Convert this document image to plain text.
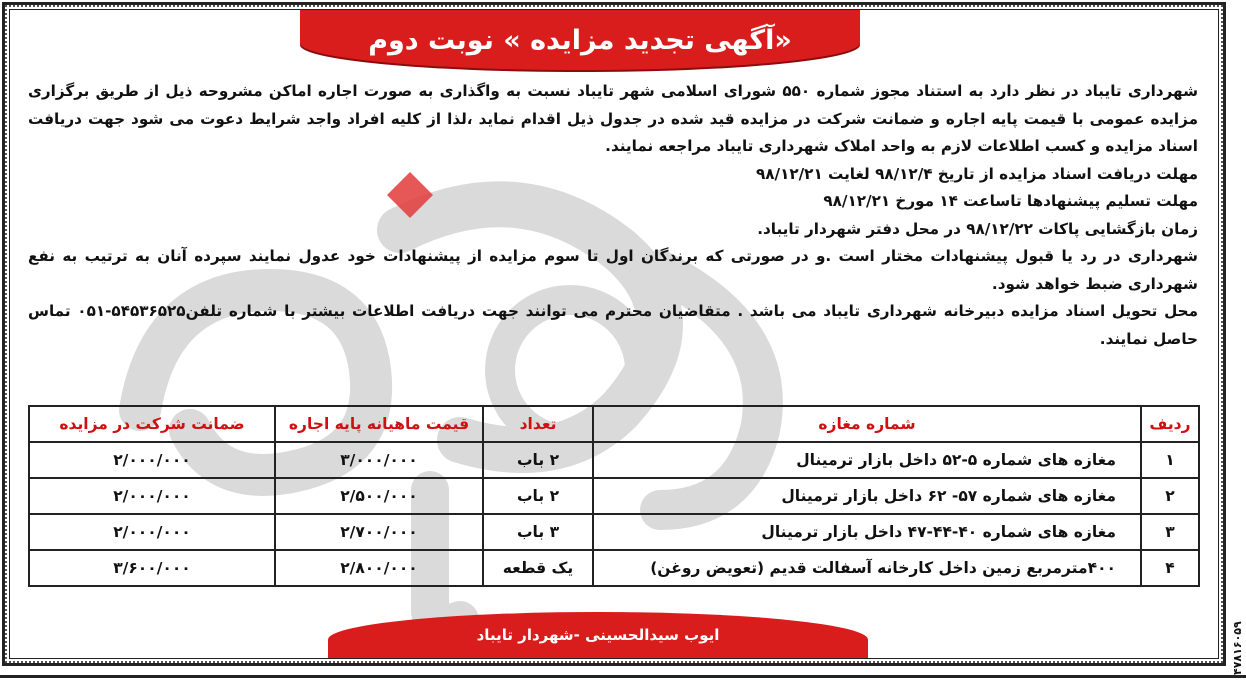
«آگهی تجدید مزایده » نوبت دوم

شهرداری تایباد در نظر دارد به استناد مجوز شماره ۵۵۰ شورای اسلامی شهر تایباد نسبت به واگذاری به صورت اجاره اماکن مشروحه ذیل از طریق برگزاری مزایده عمومی با قیمت پایه اجاره و ضمانت شرکت در مزایده قید شده در جدول ذیل اقدام نماید ،لذا از کلیه افراد واجد شرایط دعوت می شود جهت دریافت اسناد مزایده و کسب اطلاعات لازم به واحد املاک شهرداری تایباد مراجعه نمایند.

مهلت دریافت اسناد مزایده از تاریخ ۹۸/۱۲/۴ لغایت ۹۸/۱۲/۲۱

مهلت تسلیم پیشنهادها تاساعت ۱۴ مورخ ۹۸/۱۲/۲۱

زمان بازگشایی پاکات ۹۸/۱۲/۲۲ در محل دفتر شهردار تایباد.

شهرداری در رد یا قبول پیشنهادات مختار است .و در صورتی که برندگان اول تا سوم مزایده از پیشنهادات خود عدول نمایند سپرده آنان به ترتیب به نفع شهرداری ضبط خواهد شود.

محل تحویل اسناد مزایده دبیرخانه شهرداری تایباد می باشد . متقاضیان محترم می توانند جهت دریافت اطلاعات بیشتر با شماره تلفن۵۴۵۳۶۵۲۵-۰۵۱ تماس حاصل نمایند.

ردیف	شماره مغازه	تعداد	قیمت ماهیانه پایه اجاره	ضمانت شرکت در مزایده
۱	مغازه های شماره ۵-۵۲ داخل بازار ترمینال	۲ باب	۳/۰۰۰/۰۰۰	۲/۰۰۰/۰۰۰
۲	مغازه های شماره ۵۷- ۶۲ داخل بازار ترمینال	۲ باب	۲/۵۰۰/۰۰۰	۲/۰۰۰/۰۰۰
۳	مغازه های شماره ۴۰-۴۴-۴۷ داخل بازار ترمینال	۳ باب	۲/۷۰۰/۰۰۰	۲/۰۰۰/۰۰۰
۴	۴۰۰مترمربع زمین داخل کارخانه آسفالت قدیم (تعویض روغن)	یک قطعه	۲/۸۰۰/۰۰۰	۳/۶۰۰/۰۰۰
ایوب سیدالحسینی -شهردار تایباد	۴۷۸۱۶۰۵۹
